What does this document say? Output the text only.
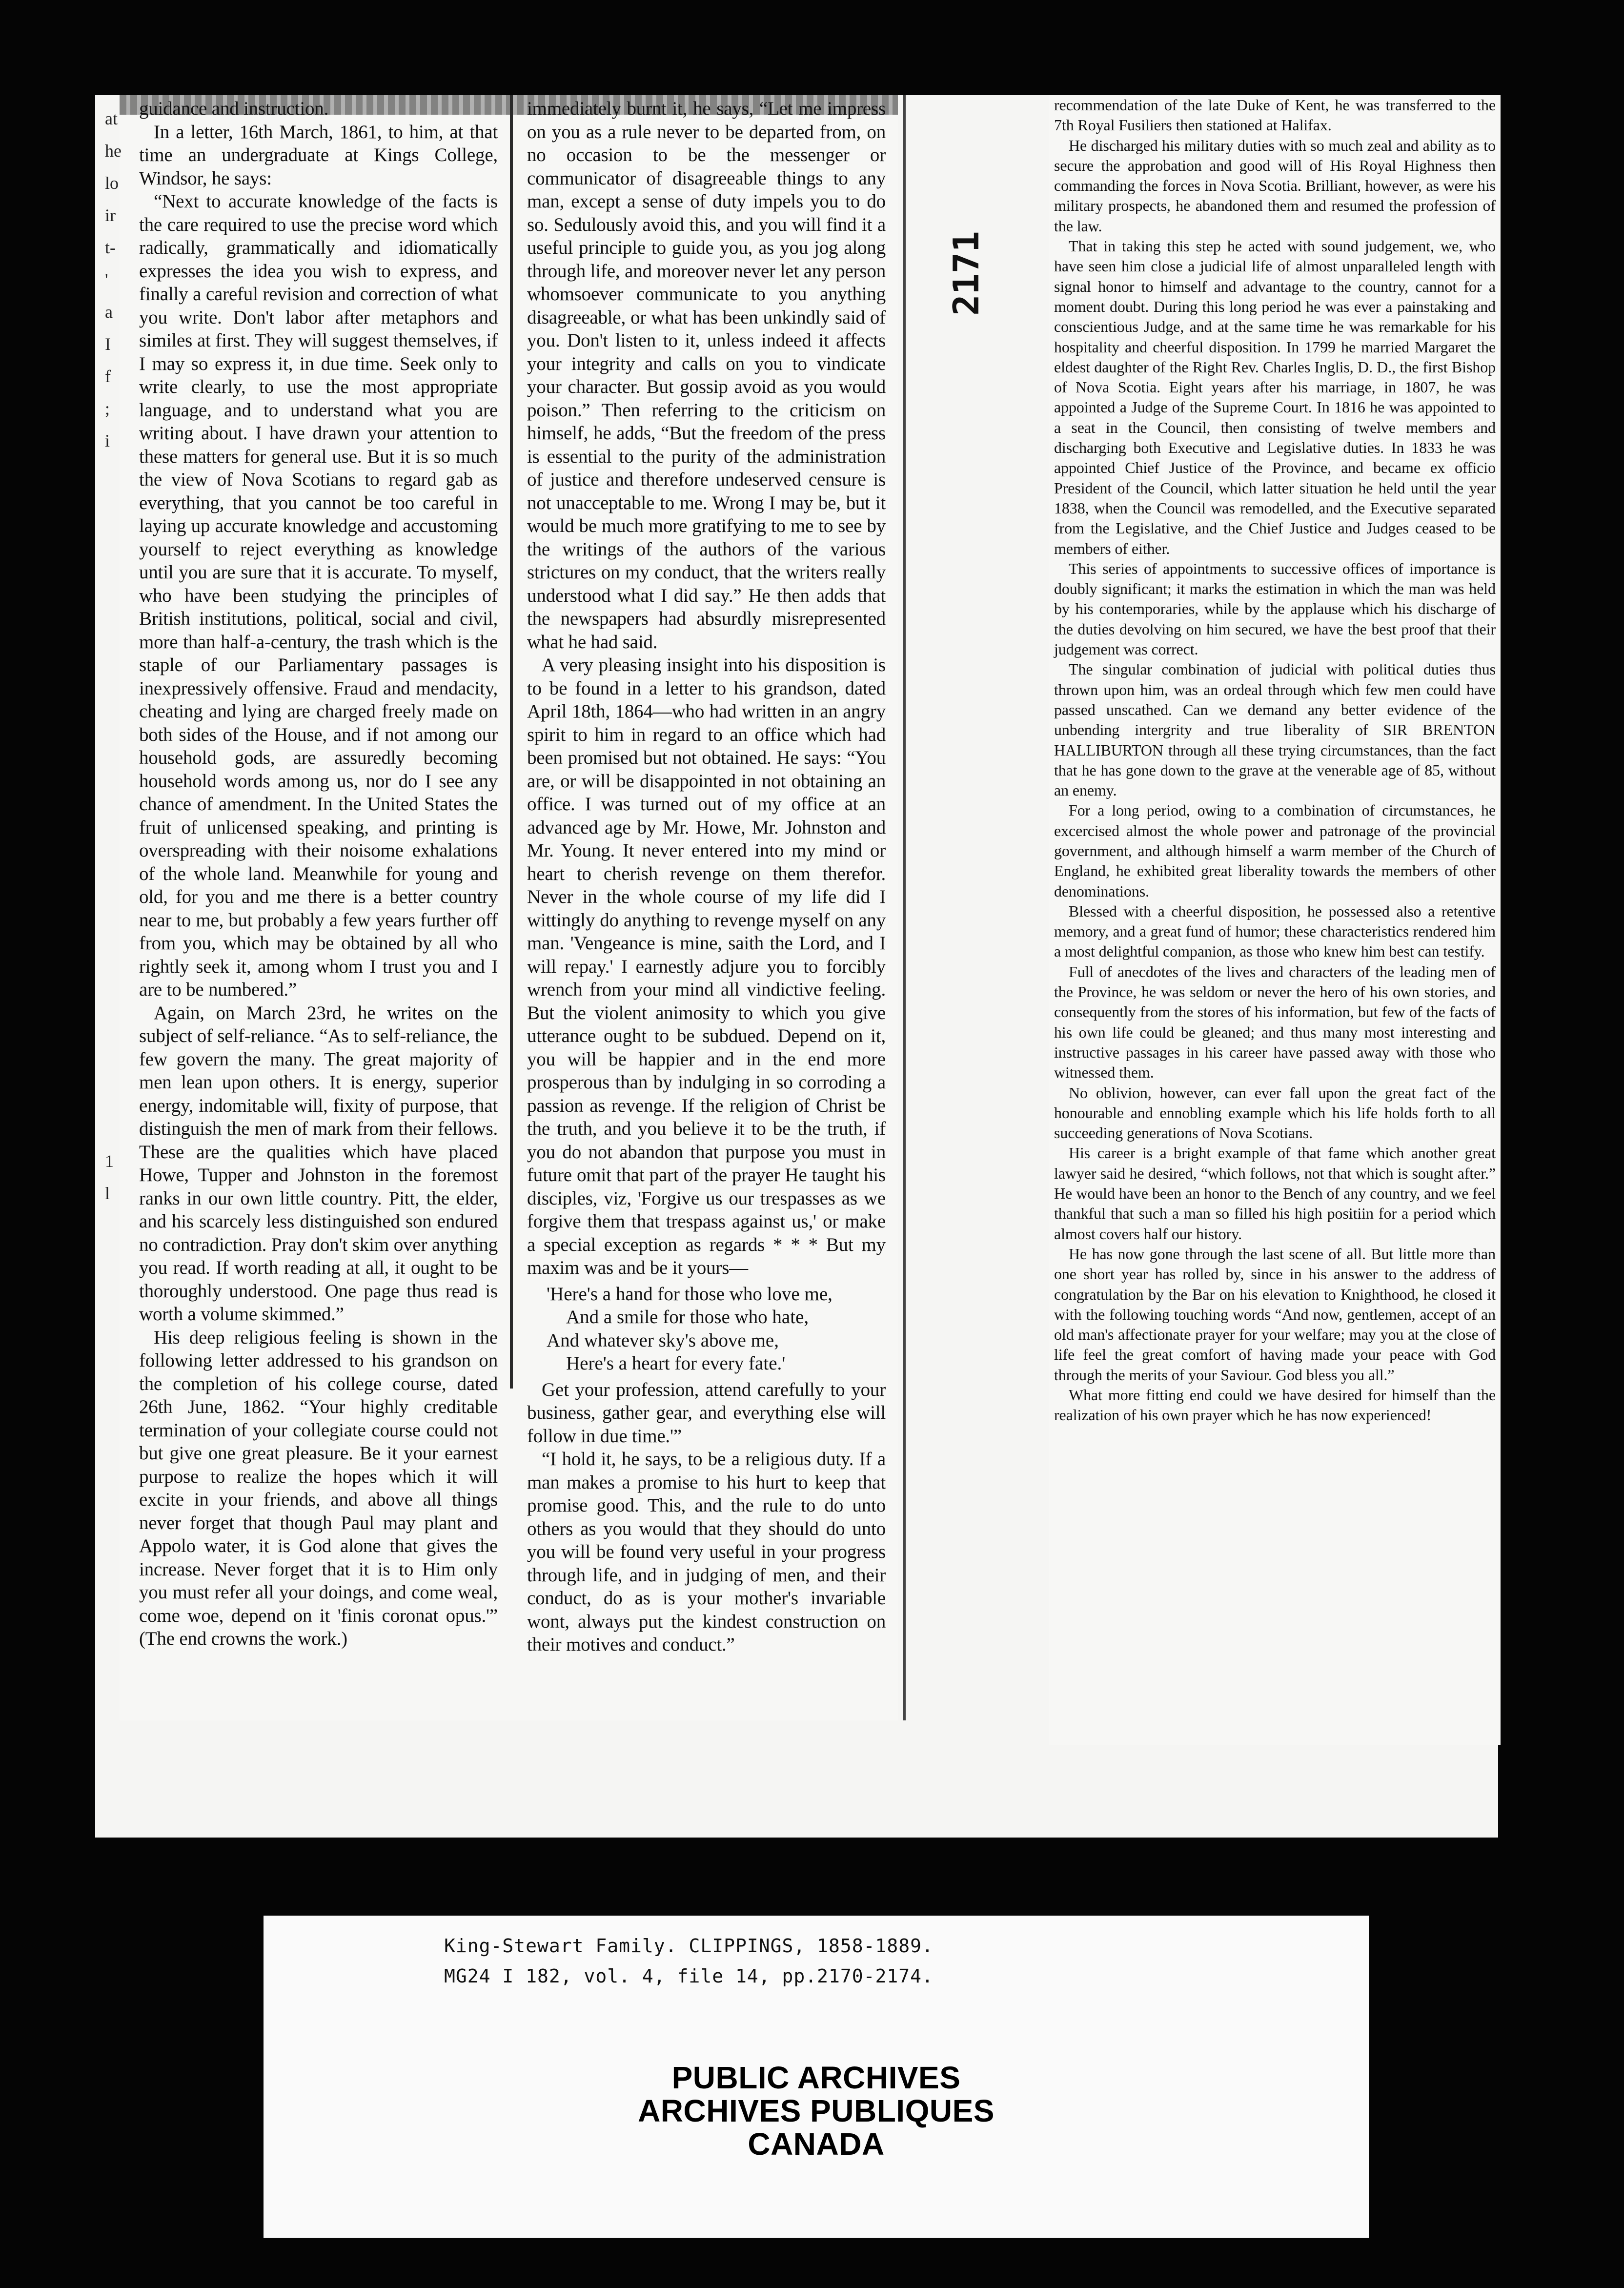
guidance and instruction.

In a letter, 16th March, 1861, to him, at that time an undergraduate at Kings College, Windsor, he says:

“Next to accurate knowledge of the facts is the care required to use the precise word which radically, grammatically and idiomatically expresses the idea you wish to express, and finally a careful revision and correction of what you write. Don't labor after metaphors and similes at first. They will suggest themselves, if I may so express it, in due time. Seek only to write clearly, to use the most appropriate language, and to understand what you are writing about. I have drawn your attention to these matters for general use. But it is so much the view of Nova Scotians to regard gab as everything, that you cannot be too careful in laying up accurate knowledge and accustoming yourself to reject everything as knowledge until you are sure that it is accurate. To myself, who have been studying the principles of British institutions, political, social and civil, more than half-a-century, the trash which is the staple of our Parliamentary passages is inexpressively offensive. Fraud and mendacity, cheating and lying are charged freely made on both sides of the House, and if not among our household gods, are assuredly becoming household words among us, nor do I see any chance of amendment. In the United States the fruit of unlicensed speaking, and printing is overspreading with their noisome exhalations of the whole land. Meanwhile for young and old, for you and me there is a better country near to me, but probably a few years further off from you, which may be obtained by all who rightly seek it, among whom I trust you and I are to be numbered.”

Again, on March 23rd, he writes on the subject of self-reliance. “As to self-reliance, the few govern the many. The great majority of men lean upon others. It is energy, superior energy, indomitable will, fixity of purpose, that distinguish the men of mark from their fellows. These are the qualities which have placed Howe, Tupper and Johnston in the foremost ranks in our own little country. Pitt, the elder, and his scarcely less distinguished son endured no contradiction. Pray don't skim over anything you read. If worth reading at all, it ought to be thoroughly understood. One page thus read is worth a volume skimmed.”

His deep religious feeling is shown in the following letter addressed to his grandson on the completion of his college course, dated 26th June, 1862. “Your highly creditable termination of your collegiate course could not but give one great pleasure. Be it your earnest purpose to realize the hopes which it will excite in your friends, and above all things never forget that though Paul may plant and Appolo water, it is God alone that gives the increase. Never forget that it is to Him only you must refer all your doings, and come weal, come woe, depend on it 'finis coronat opus.'” (The end crowns the work.)

immediately burnt it, he says, “Let me impress on you as a rule never to be departed from, on no occasion to be the messenger or communicator of disagreeable things to any man, except a sense of duty impels you to do so. Sedulously avoid this, and you will find it a useful principle to guide you, as you jog along through life, and moreover never let any person whomsoever communicate to you anything disagreeable, or what has been unkindly said of you. Don't listen to it, unless indeed it affects your integrity and calls on you to vindicate your character. But gossip avoid as you would poison.” Then referring to the criticism on himself, he adds, “But the freedom of the press is essential to the purity of the administration of justice and therefore undeserved censure is not unacceptable to me. Wrong I may be, but it would be much more gratifying to me to see by the writings of the authors of the various strictures on my conduct, that the writers really understood what I did say.” He then adds that the newspapers had absurdly misrepresented what he had said.

A very pleasing insight into his disposition is to be found in a letter to his grandson, dated April 18th, 1864—who had written in an angry spirit to him in regard to an office which had been promised but not obtained. He says: “You are, or will be disappointed in not obtaining an office. I was turned out of my office at an advanced age by Mr. Howe, Mr. Johnston and Mr. Young. It never entered into my mind or heart to cherish revenge on them therefor. Never in the whole course of my life did I wittingly do anything to revenge myself on any man. 'Vengeance is mine, saith the Lord, and I will repay.' I earnestly adjure you to forcibly wrench from your mind all vindictive feeling. But the violent animosity to which you give utterance ought to be subdued. Depend on it, you will be happier and in the end more prosperous than by indulging in so corroding a passion as revenge. If the religion of Christ be the truth, and you believe it to be the truth, if you do not abandon that purpose you must in future omit that part of the prayer He taught his disciples, viz, 'Forgive us our trespasses as we forgive them that trespass against us,' or make a special exception as regards * * * But my maxim was and be it yours—

'Here's a hand for those who love me,

And a smile for those who hate,

And whatever sky's above me,

Here's a heart for every fate.'

Get your profession, attend carefully to your business, gather gear, and everything else will follow in due time.'”

“I hold it, he says, to be a religious duty. If a man makes a promise to his hurt to keep that promise good. This, and the rule to do unto others as you would that they should do unto you will be found very useful in your progress through life, and in judging of men, and their conduct, do as is your mother's invariable wont, always put the kindest construction on their motives and conduct.”

at
he
lo
ir
t-
'
a
I
f
;
i
1
l
2171

recommendation of the late Duke of Kent, he was transferred to the 7th Royal Fusiliers then stationed at Halifax.

He discharged his military duties with so much zeal and ability as to secure the approbation and good will of His Royal Highness then commanding the forces in Nova Scotia. Brilliant, however, as were his military prospects, he abandoned them and resumed the profession of the law.

That in taking this step he acted with sound judgement, we, who have seen him close a judicial life of almost unparalleled length with signal honor to himself and advantage to the country, cannot for a moment doubt. During this long period he was ever a painstaking and conscientious Judge, and at the same time he was remarkable for his hospitality and cheerful disposition. In 1799 he married Margaret the eldest daughter of the Right Rev. Charles Inglis, D. D., the first Bishop of Nova Scotia. Eight years after his marriage, in 1807, he was appointed a Judge of the Supreme Court. In 1816 he was appointed to a seat in the Council, then consisting of twelve members and discharging both Executive and Legislative duties. In 1833 he was appointed Chief Justice of the Province, and became ex officio President of the Council, which latter situation he held until the year 1838, when the Council was remodelled, and the Executive separated from the Legislative, and the Chief Justice and Judges ceased to be members of either.

This series of appointments to successive offices of importance is doubly significant; it marks the estimation in which the man was held by his contemporaries, while by the applause which his discharge of the duties devolving on him secured, we have the best proof that their judgement was correct.

The singular combination of judicial with political duties thus thrown upon him, was an ordeal through which few men could have passed unscathed. Can we demand any better evidence of the unbending intergrity and true liberality of SIR BRENTON HALLIBURTON through all these trying circumstances, than the fact that he has gone down to the grave at the venerable age of 85, without an enemy.

For a long period, owing to a combination of circumstances, he excercised almost the whole power and patronage of the provincial government, and although himself a warm member of the Church of England, he exhibited great liberality towards the members of other denominations.

Blessed with a cheerful disposition, he possessed also a retentive memory, and a great fund of humor; these characteristics rendered him a most delightful companion, as those who knew him best can testify.

Full of anecdotes of the lives and characters of the leading men of the Province, he was seldom or never the hero of his own stories, and consequently from the stores of his information, but few of the facts of his own life could be gleaned; and thus many most interesting and instructive passages in his career have passed away with those who witnessed them.

No oblivion, however, can ever fall upon the great fact of the honourable and ennobling example which his life holds forth to all succeeding generations of Nova Scotians.

His career is a bright example of that fame which another great lawyer said he desired, “which follows, not that which is sought after.” He would have been an honor to the Bench of any country, and we feel thankful that such a man so filled his high positiin for a period which almost covers half our history.

He has now gone through the last scene of all. But little more than one short year has rolled by, since in his answer to the address of congratulation by the Bar on his elevation to Knighthood, he closed it with the following touching words “And now, gentlemen, accept of an old man's affectionate prayer for your welfare; may you at the close of life feel the great comfort of having made your peace with God through the merits of your Saviour. God bless you all.”

What more fitting end could we have desired for himself than the realization of his own prayer which he has now experienced!

King-Stewart Family. CLIPPINGS, 1858-1889.
MG24 I 182, vol. 4, file 14, pp.2170-2174.
PUBLIC ARCHIVES
ARCHIVES PUBLIQUES
CANADA
